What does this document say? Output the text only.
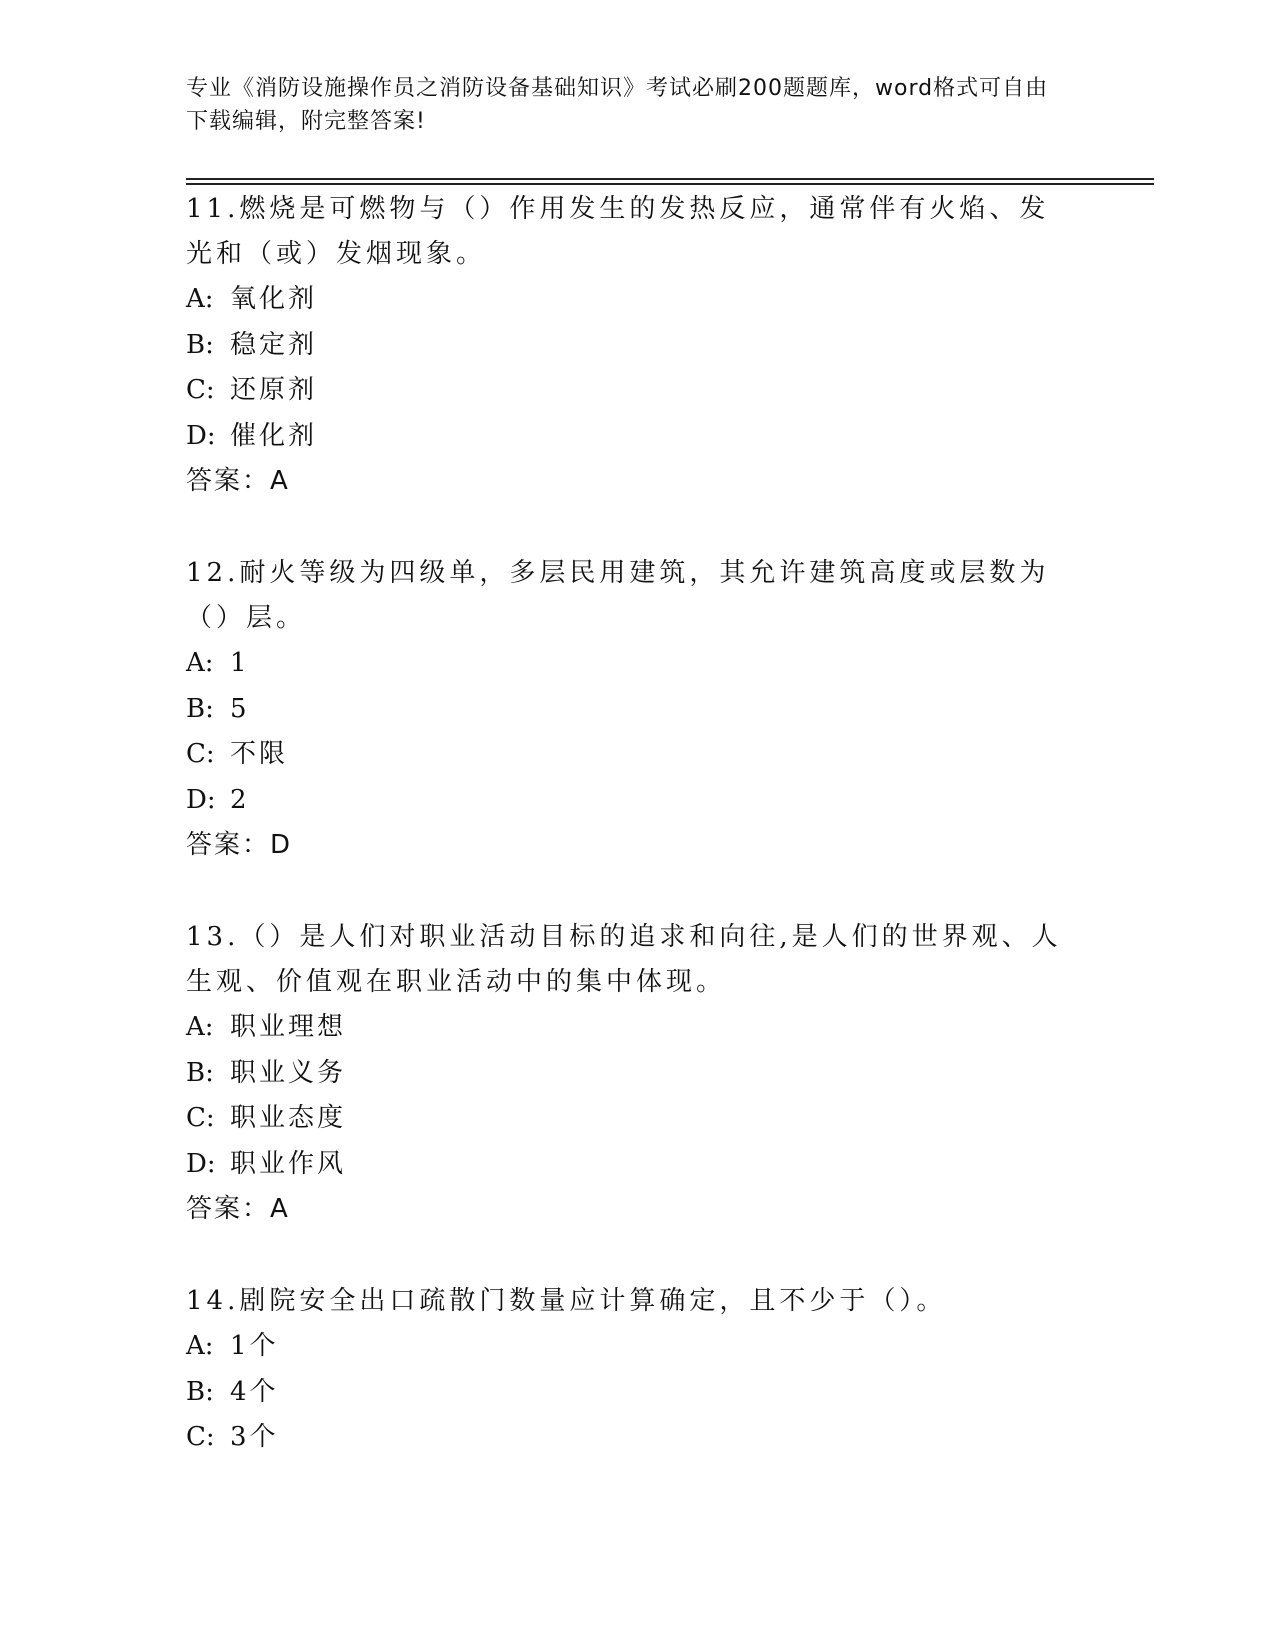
专业《消防设施操作员之消防设备基础知识》考试必刷200题题库，word格式可自由下载编辑，附完整答案!

11.燃烧是可燃物与（）作用发生的发热反应，通常伴有火焰、发光和（或）发烟现象。

A: 氧化剂

B: 稳定剂

C: 还原剂

D: 催化剂

答案：A

12.耐火等级为四级单，多层民用建筑，其允许建筑高度或层数为（）层。

A: 1

B: 5

C: 不限

D: 2

答案：D

13.（）是人们对职业活动目标的追求和向往,是人们的世界观、人生观、价值观在职业活动中的集中体现。

A: 职业理想

B: 职业义务

C: 职业态度

D: 职业作风

答案：A

14.剧院安全出口疏散门数量应计算确定，且不少于（）。

A: 1个

B: 4个

C: 3个
